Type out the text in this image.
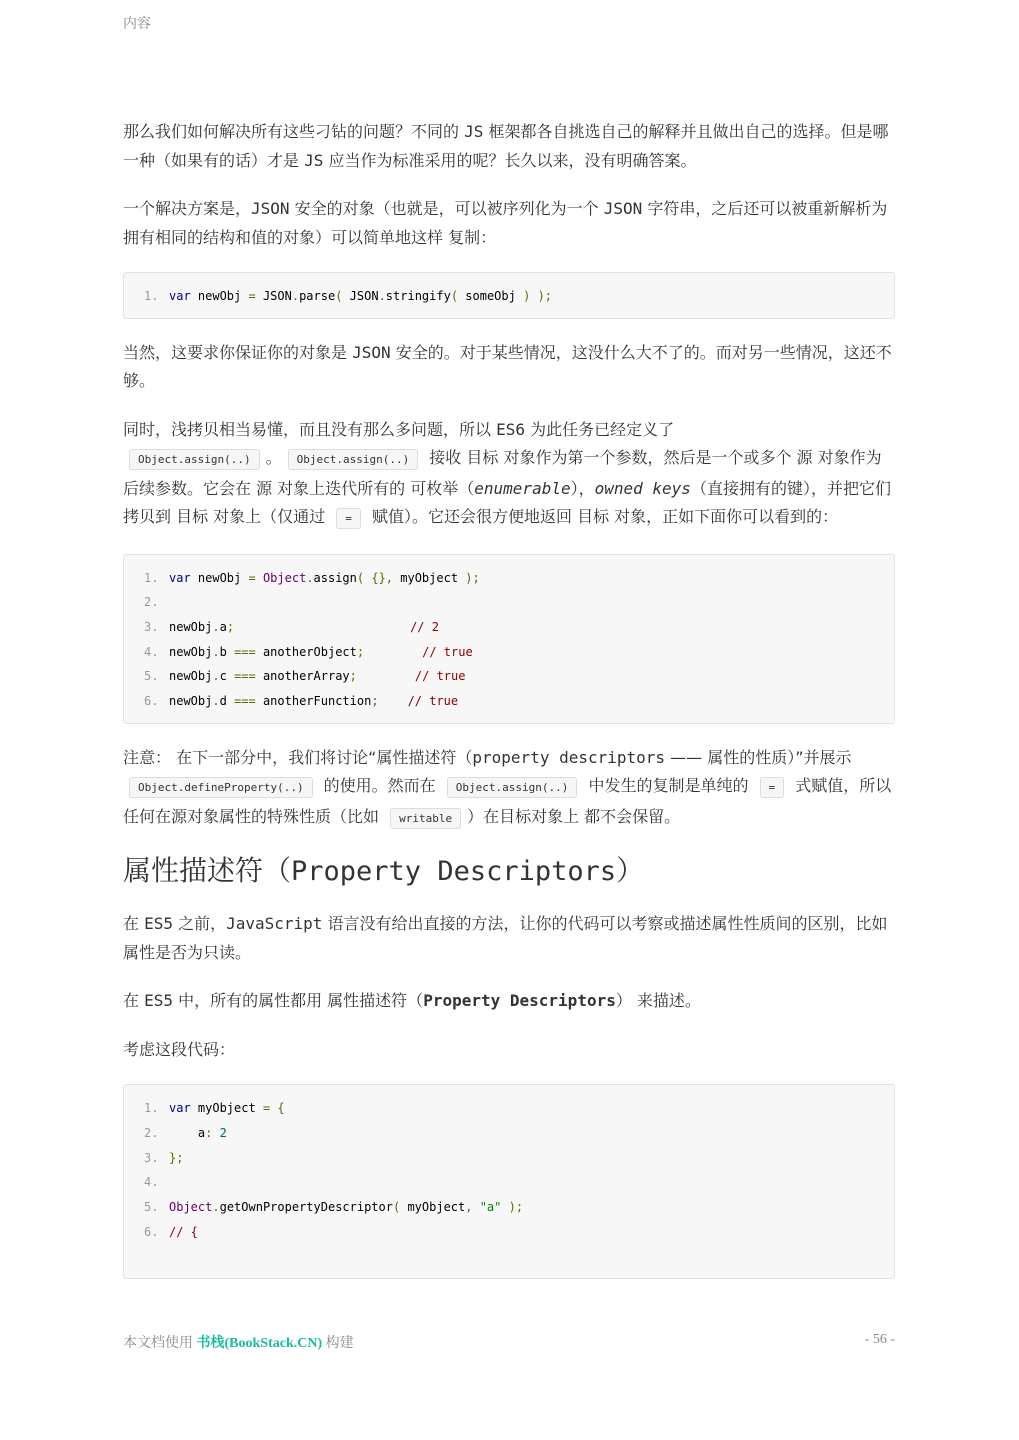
内容

那么我们如何解决所有这些刁钻的问题？不同的 JS 框架都各自挑选自己的解释并且做出自己的选择。但是哪一种（如果有的话）才是 JS 应当作为标准采用的呢？长久以来，没有明确答案。

一个解决方案是，JSON 安全的对象（也就是，可以被序列化为一个 JSON 字符串，之后还可以被重新解析为拥有相同的结构和值的对象）可以简单地这样 复制：

1. var newObj = JSON.parse( JSON.stringify( someObj ) );

当然，这要求你保证你的对象是 JSON 安全的。对于某些情况，这没什么大不了的。而对另一些情况，这还不够。

同时，浅拷贝相当易懂，而且没有那么多问题，所以 ES6 为此任务已经定义了
Object.assign(..) 。 Object.assign(..) 接收 目标 对象作为第一个参数，然后是一个或多个 源 对象作为后续参数。它会在 源 对象上迭代所有的 可枚举（enumerable），owned keys（直接拥有的键），并把它们拷贝到 目标 对象上（仅通过 = 赋值）。它还会很方便地返回 目标 对象，正如下面你可以看到的：

1. var newObj = Object.assign( {}, myObject );
2.
3. newObj.a;	// 2
4. newObj.b === anotherObject;	// true
5. newObj.c === anotherArray;	// true
6. newObj.d === anotherFunction; // true

注意： 在下一部分中，我们将讨论“属性描述符（property descriptors —— 属性的性质）”并展示 Object.defineProperty(..) 的使用。然而在 Object.assign(..) 中发生的复制是单纯的 = 式赋值，所以任何在源对象属性的特殊性质（比如 writable ）在目标对象上 都不会保留。

属性描述符（Property Descriptors）

在 ES5 之前，JavaScript 语言没有给出直接的方法，让你的代码可以考察或描述属性性质间的区别，比如属性是否为只读。

在 ES5 中，所有的属性都用 属性描述符（Property Descriptors） 来描述。

考虑这段代码：

1. var myObject = {
2.    a: 2
3. };
4.
5. Object.getOwnPropertyDescriptor( myObject, "a" );
6. // {
本文档使用 书栈(BookStack.CN) 构建	- 56 -
